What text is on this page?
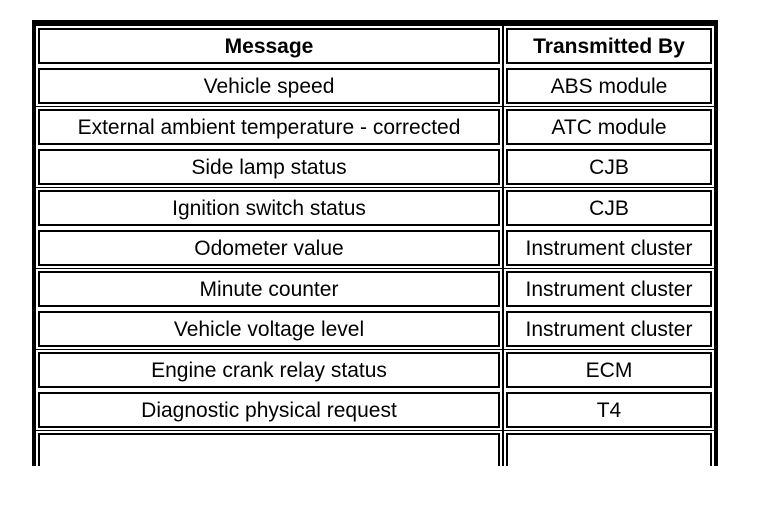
Message	Transmitted By
Vehicle speed	ABS module
External ambient temperature - corrected	ATC module
Side lamp status	CJB
Ignition switch status	CJB
Odometer value	Instrument cluster
Minute counter	Instrument cluster
Vehicle voltage level	Instrument cluster
Engine crank relay status	ECM
Diagnostic physical request	T4
